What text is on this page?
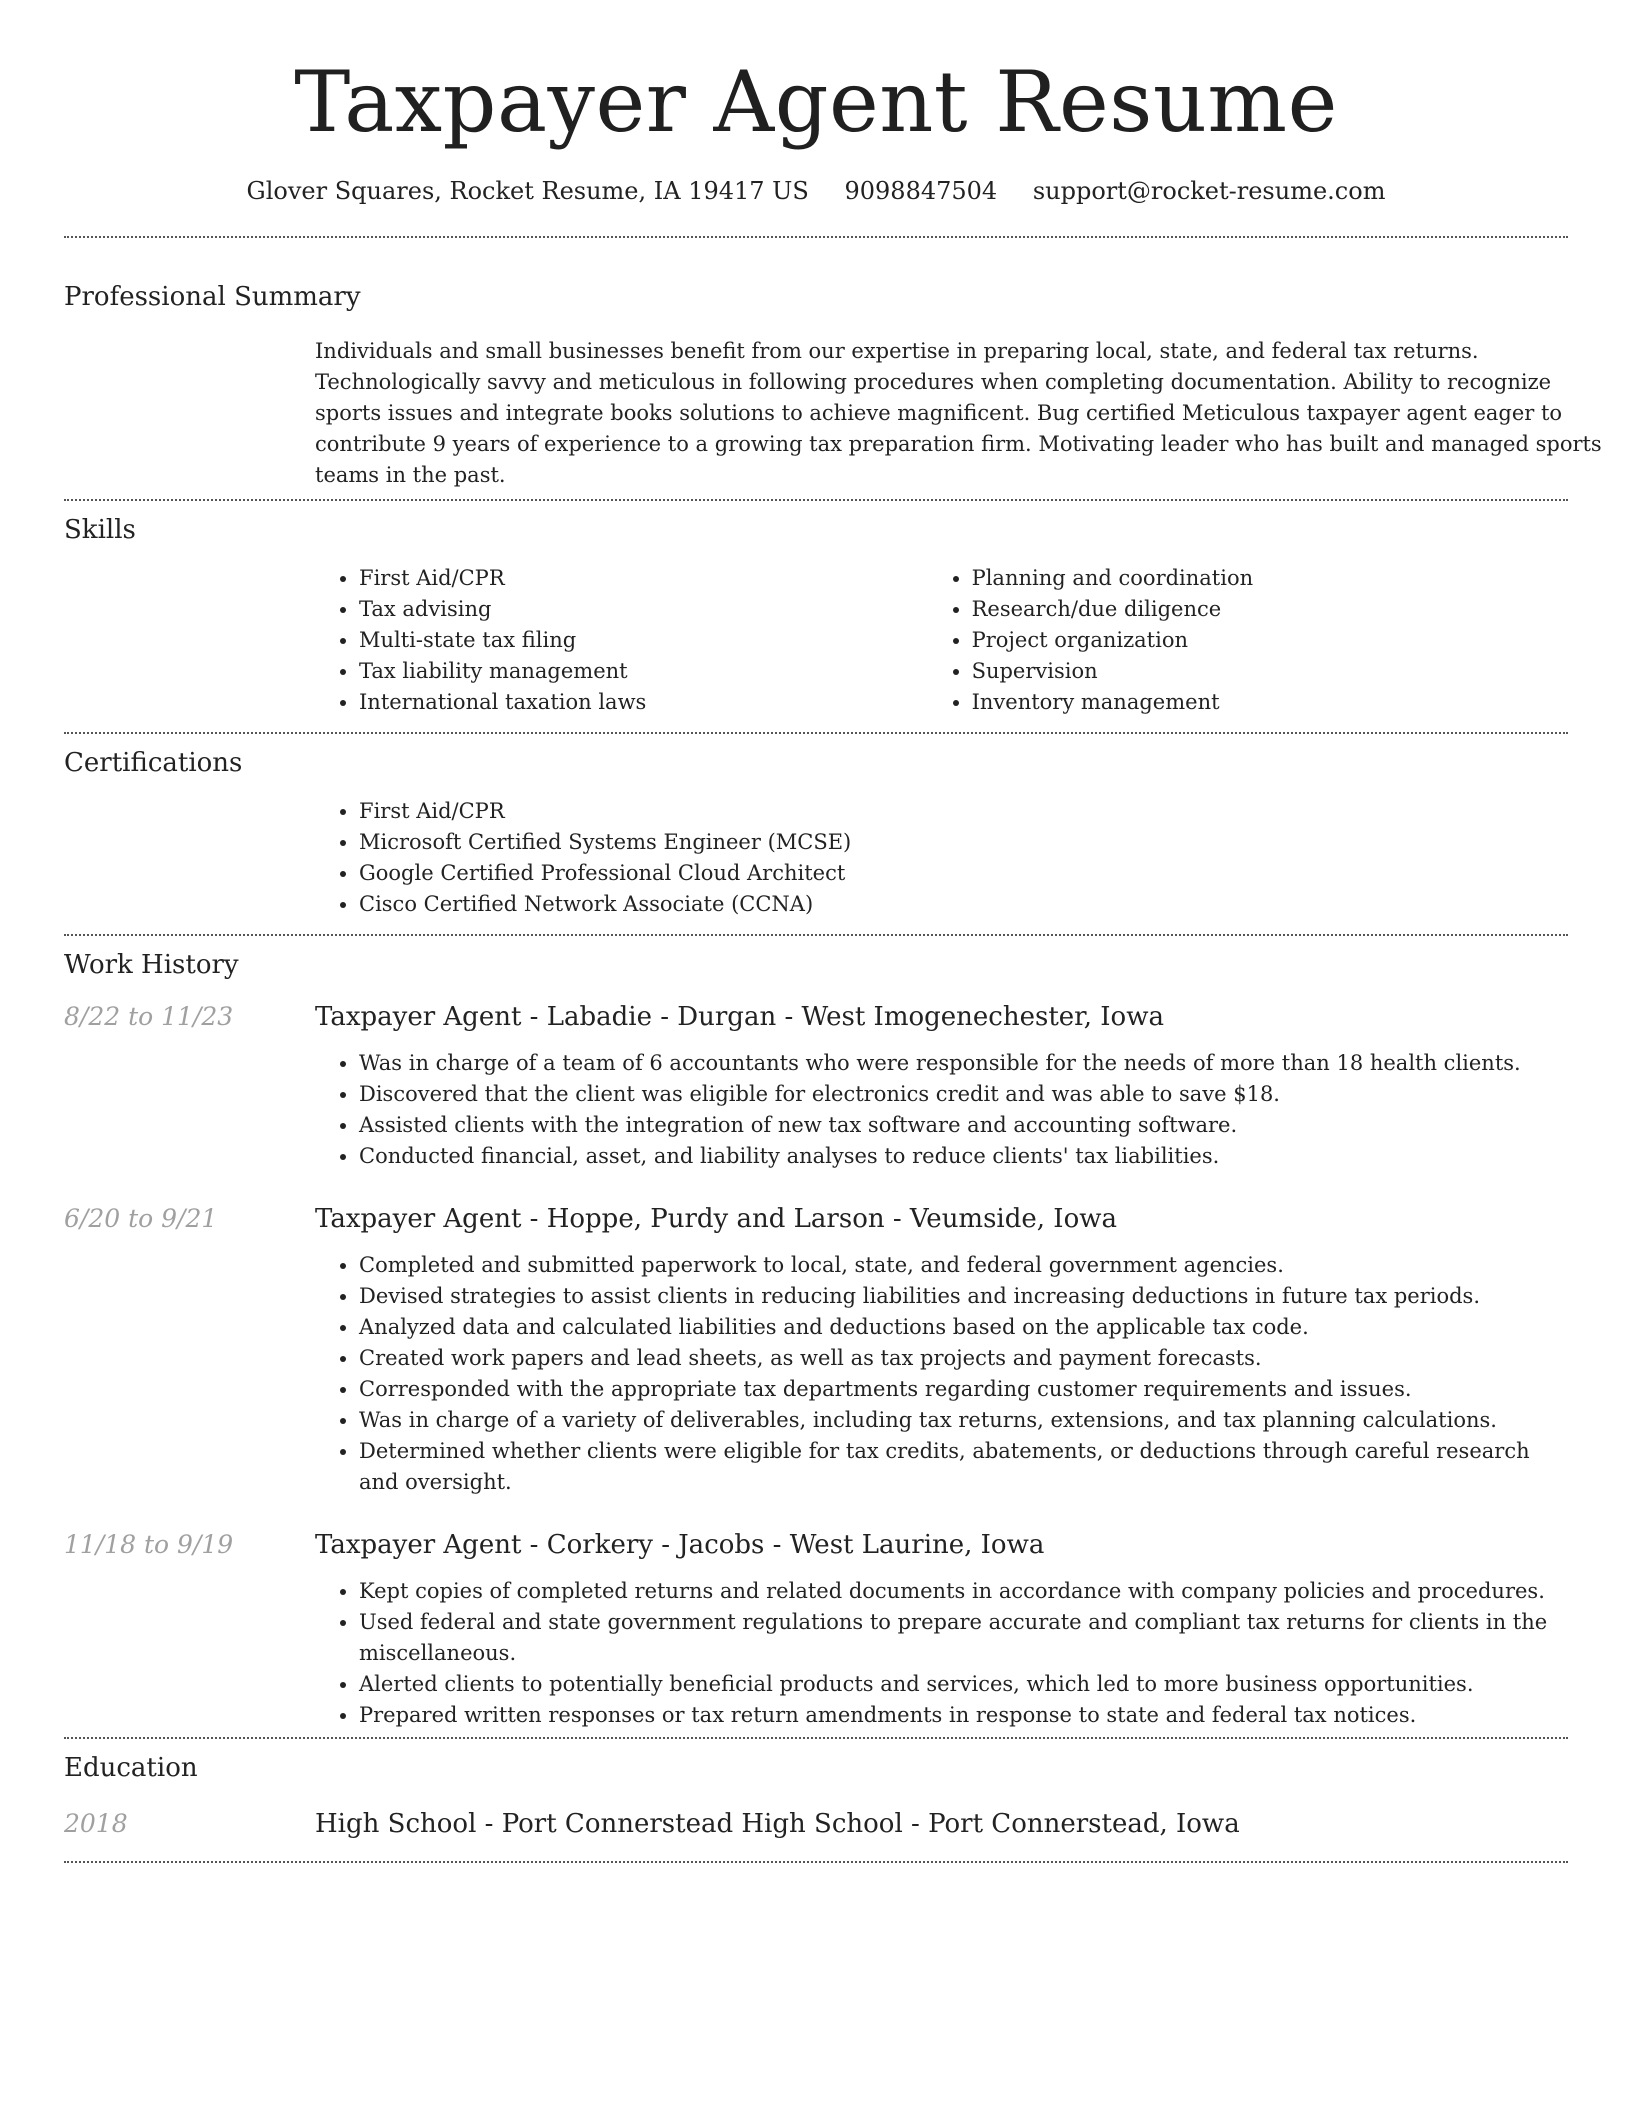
Taxpayer Agent Resume
Glover Squares, Rocket Resume, IA 19417 US 9098847504 support@rocket-resume.com
Professional Summary

Individuals and small businesses benefit from our expertise in preparing local, state, and federal tax returns. Technologically savvy and meticulous in following procedures when completing documentation. Ability to recognize sports issues and integrate books solutions to achieve magnificent. Bug certified Meticulous taxpayer agent eager to contribute 9 years of experience to a growing tax preparation firm. Motivating leader who has built and managed sports teams in the past.

Skills
• First Aid/CPR
• Tax advising
• Multi-state tax filing
• Tax liability management
• International taxation laws
• Planning and coordination
• Research/due diligence
• Project organization
• Supervision
• Inventory management
Certifications
• First Aid/CPR
• Microsoft Certified Systems Engineer (MCSE)
• Google Certified Professional Cloud Architect
• Cisco Certified Network Associate (CCNA)
Work History
8/22 to 11/23	Taxpayer Agent - Labadie - Durgan - West Imogenechester, Iowa
• Was in charge of a team of 6 accountants who were responsible for the needs of more than 18 health clients.
• Discovered that the client was eligible for electronics credit and was able to save $18.
• Assisted clients with the integration of new tax software and accounting software.
• Conducted financial, asset, and liability analyses to reduce clients' tax liabilities.
6/20 to 9/21	Taxpayer Agent - Hoppe, Purdy and Larson - Veumside, Iowa
• Completed and submitted paperwork to local, state, and federal government agencies.
• Devised strategies to assist clients in reducing liabilities and increasing deductions in future tax periods.
• Analyzed data and calculated liabilities and deductions based on the applicable tax code.
• Created work papers and lead sheets, as well as tax projects and payment forecasts.
• Corresponded with the appropriate tax departments regarding customer requirements and issues.
• Was in charge of a variety of deliverables, including tax returns, extensions, and tax planning calculations.
• Determined whether clients were eligible for tax credits, abatements, or deductions through careful research and oversight.
11/18 to 9/19	Taxpayer Agent - Corkery - Jacobs - West Laurine, Iowa
• Kept copies of completed returns and related documents in accordance with company policies and procedures.
• Used federal and state government regulations to prepare accurate and compliant tax returns for clients in the miscellaneous.
• Alerted clients to potentially beneficial products and services, which led to more business opportunities.
• Prepared written responses or tax return amendments in response to state and federal tax notices.
Education
2018	High School - Port Connerstead High School - Port Connerstead, Iowa
